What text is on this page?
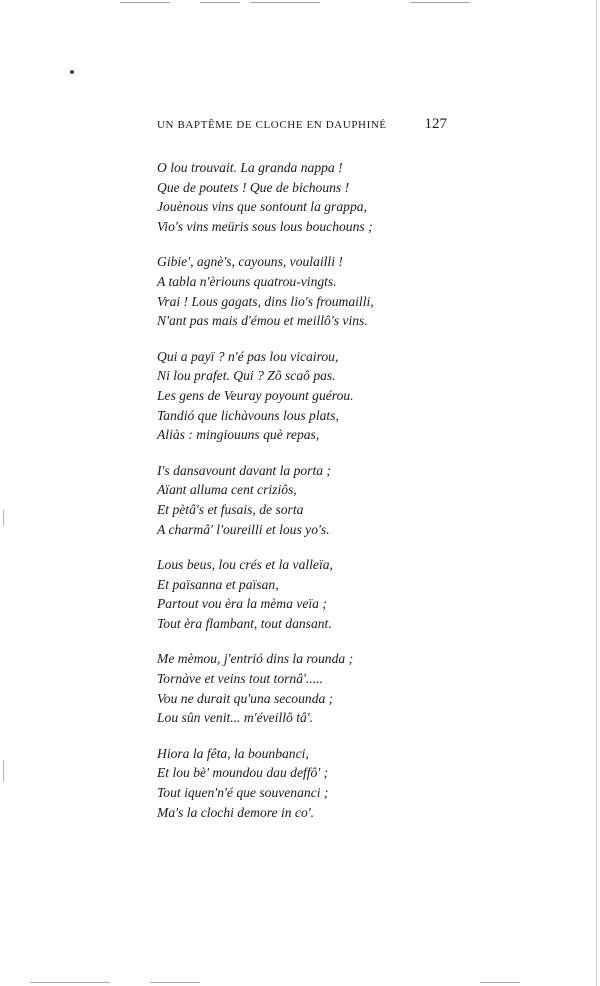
UN BAPTÊME DE CLOCHE EN DAUPHINÉ	127
O lou trouvait. La granda nappa !
Que de poutets ! Que de bichouns !
Jouènous vins que sontount la grappa,
Vio's vins meüris sous lous bouchouns ;
Gibie', agnè's, cayouns, voulailli !
A tabla n'èriouns quatrou-vingts.
Vrai ! Lous gagats, dins lio's froumailli,
N'ant pas mais d'émou et meillô's vins.
Qui a payï ? n'é pas lou vicairou,
Ni lou prafet. Qui ? Zô scaô pas.
Les gens de Veuray poyount guérou.
Tandió que lichàvouns lous plats,
Aliàs : mingiouuns què repas,
I's dansavount davant la porta ;
Aïant alluma cent criziôs,
Et pètâ's et fusais, de sorta
A charmâ' l'oureilli et lous yo's.
Lous beus, lou crés et la valleïa,
Et païsanna et païsan,
Partout vou èra la mèma veïa ;
Tout èra flambant, tout dansant.
Me mèmou, j'entrió dins la rounda ;
Tornàve et veins tout tornâ'.....
Vou ne durait qu'una secounda ;
Lou sûn venit... m'éveillô tâ'.
Hiora la fêta, la bounbanci,
Et lou bè' moundou dau deffô' ;
Tout iquen'n'é que souvenanci ;
Ma's la clochi demore in co'.
